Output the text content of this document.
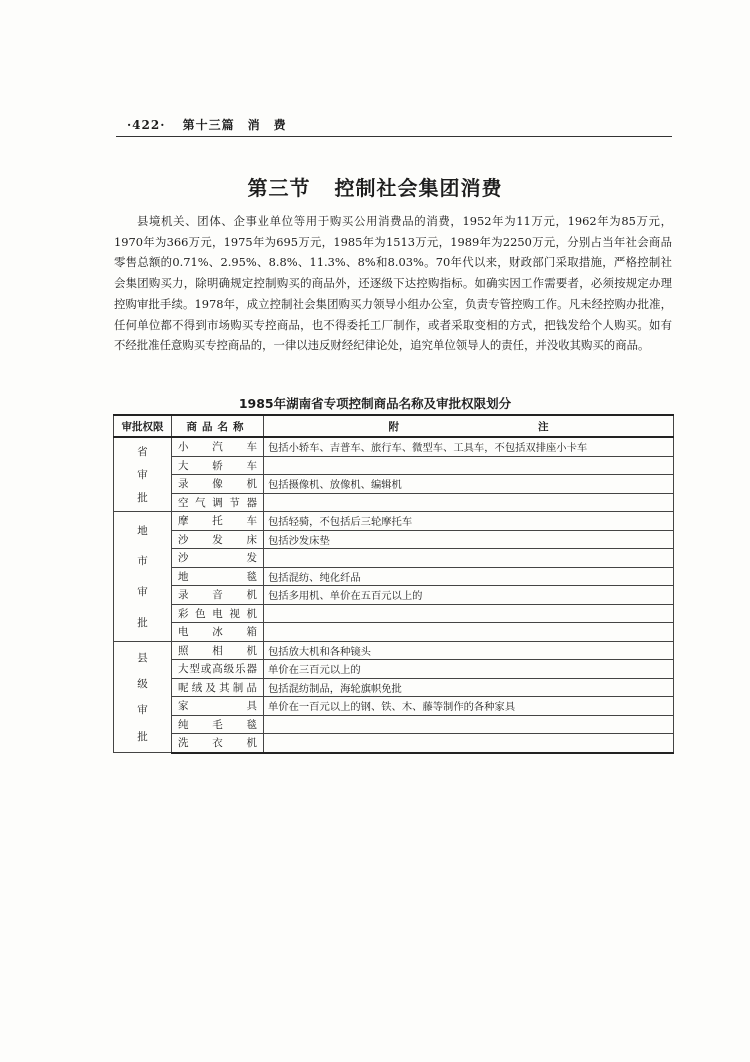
·422· 第十三篇　消　费
第三节 控制社会集团消费

县境机关、团体、企事业单位等用于购买公用消费品的消费，1952年为11万元，1962年为85万元，1970年为366万元，1975年为695万元，1985年为1513万元，1989年为2250万元，分别占当年社会商品零售总额的0.71%、2.95%、8.8%、11.3%、8%和8.03%。70年代以来，财政部门采取措施，严格控制社会集团购买力，除明确规定控制购买的商品外，还逐级下达控购指标。如确实因工作需要者，必须按规定办理控购审批手续。1978年，成立控制社会集团购买力领导小组办公室，负责专管控购工作。凡未经控购办批准，任何单位都不得到市场购买专控商品，也不得委托工厂制作，或者采取变相的方式，把钱发给个人购买。如有不经批准任意购买专控商品的，一律以违反财经纪律论处，追究单位领导人的责任，并没收其购买的商品。

1985年湖南省专项控制商品名称及审批权限划分
审批权限	商品名称	附注

省
审
批	小汽车	包括小轿车、吉普车、旅行车、微型车、工具车，不包括双排座小卡车
	大轿车	
	录像机	包括摄像机、放像机、编辑机
	空气调节器	

地
市
审
批	摩托车	包括轻骑，不包括后三轮摩托车
	沙发床	包括沙发床垫
	沙发	
	地毯	包括混纺、纯化纤品
	录音机	包括多用机、单价在五百元以上的
	彩色电视机	
	电冰箱	

县
级
审
批	照相机	包括放大机和各种镜头
	大型或高级乐器	单价在三百元以上的
	呢绒及其制品	包括混纺制品，海轮旗帜免批
	家具	单价在一百元以上的钢、铁、木、藤等制作的各种家具
	纯毛毯	
	洗衣机	
